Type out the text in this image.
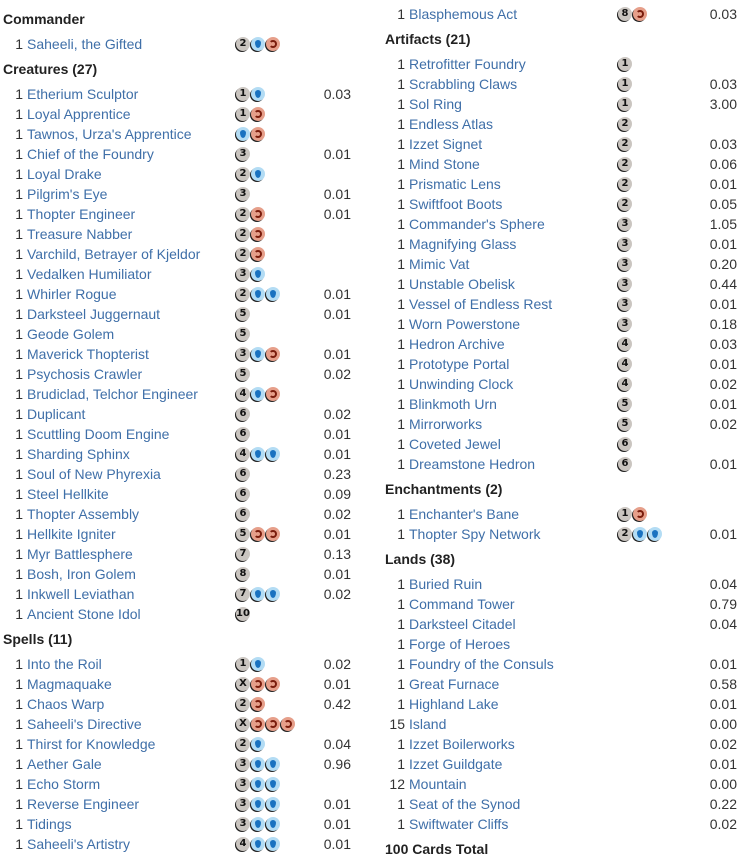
Commander
1 Saheeli, the Gifted	2
Creatures (27)
1 Etherium Sculptor	1	0.03
1 Loyal Apprentice	1
1 Tawnos, Urza's Apprentice
1 Chief of the Foundry	3	0.01
1 Loyal Drake	2
1 Pilgrim's Eye	3	0.01
1 Thopter Engineer	2	0.01
1 Treasure Nabber	2
1 Varchild, Betrayer of Kjeldor	2
1 Vedalken Humiliator	3
1 Whirler Rogue	2	0.01
1 Darksteel Juggernaut	5	0.01
1 Geode Golem	5
1 Maverick Thopterist	3	0.01
1 Psychosis Crawler	5	0.02
1 Brudiclad, Telchor Engineer	4
1 Duplicant	6	0.02
1 Scuttling Doom Engine	6	0.01
1 Sharding Sphinx	4	0.01
1 Soul of New Phyrexia	6	0.23
1 Steel Hellkite	6	0.09
1 Thopter Assembly	6	0.02
1 Hellkite Igniter	5	0.01
1 Myr Battlesphere	7	0.13
1 Bosh, Iron Golem	8	0.01
1 Inkwell Leviathan	7	0.02
1 Ancient Stone Idol	10
Spells (11)
1 Into the Roil	1	0.02
1 Magmaquake	X	0.01
1 Chaos Warp	2	0.42
1 Saheeli's Directive	X
1 Thirst for Knowledge	2	0.04
1 Aether Gale	3	0.96
1 Echo Storm	3
1 Reverse Engineer	3	0.01
1 Tidings	3	0.01
1 Saheeli's Artistry	4	0.01
1 Blasphemous Act	8	0.03
Artifacts (21)
1 Retrofitter Foundry	1
1 Scrabbling Claws	1	0.03
1 Sol Ring	1	3.00
1 Endless Atlas	2
1 Izzet Signet	2	0.03
1 Mind Stone	2	0.06
1 Prismatic Lens	2	0.01
1 Swiftfoot Boots	2	0.05
1 Commander's Sphere	3	1.05
1 Magnifying Glass	3	0.01
1 Mimic Vat	3	0.20
1 Unstable Obelisk	3	0.44
1 Vessel of Endless Rest	3	0.01
1 Worn Powerstone	3	0.18
1 Hedron Archive	4	0.03
1 Prototype Portal	4	0.01
1 Unwinding Clock	4	0.02
1 Blinkmoth Urn	5	0.01
1 Mirrorworks	5	0.02
1 Coveted Jewel	6
1 Dreamstone Hedron	6	0.01
Enchantments (2)
1 Enchanter's Bane	1
1 Thopter Spy Network	2	0.01
Lands (38)
1 Buried Ruin	0.04
1 Command Tower	0.79
1 Darksteel Citadel	0.04
1 Forge of Heroes
1 Foundry of the Consuls	0.01
1 Great Furnace	0.58
1 Highland Lake	0.01
15 Island	0.00
1 Izzet Boilerworks	0.02
1 Izzet Guildgate	0.01
12 Mountain	0.00
1 Seat of the Synod	0.22
1 Swiftwater Cliffs	0.02
100 Cards Total
